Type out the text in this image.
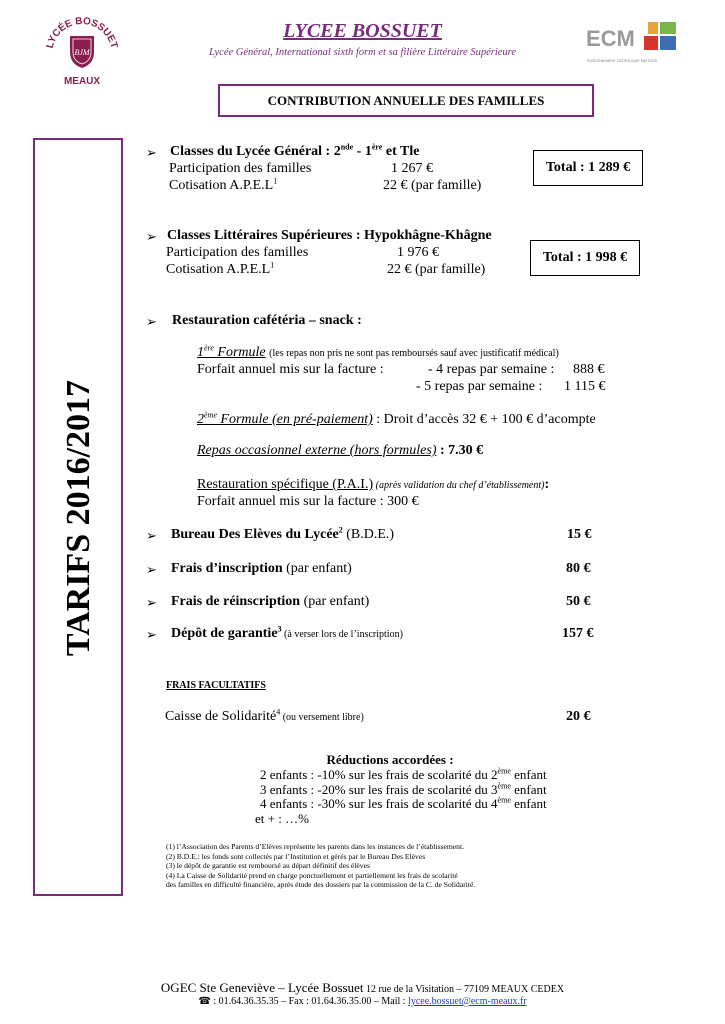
LYCÉE BOSSUET
BJM
MEAUX
ECM
ENSEIGNEMENT CATHOLIQUE MELDOIS
LYCEE BOSSUET
Lycée Général, International sixth form et sa filière Littéraire Supérieure
CONTRIBUTION ANNUELLE DES FAMILLES
TARIFS 2016/2017
➢ Classes du Lycée Général : 2nde - 1ère et Tle
Participation des familles	1 267 €
Cotisation $A.P.E.L^1$	22 € (par famille)
Total : 1 289 €
➢ Classes Littéraires Supérieures : Hypokhâgne-Khâgne
Participation des familles	1 976 €
Cotisation $A.P.E.L^1$	22 € (par famille)
Total : 1 998 €
➢ Restauration cafétéria – snack :
1ère Formule (les repas non pris ne sont pas remboursés sauf avec justificatif médical)
Forfait annuel mis sur la facture :	- 4 repas par semaine : 888 €
- 5 repas par semaine : 1 115 €
2ème Formule (en pré-paiement) : Droit d’accès 32 € + 100 € d’acompte
Repas occasionnel externe (hors formules) : 7.30 €
Restauration spécifique (P.A.I.) (après validation du chef d’établissement):
Forfait annuel mis sur la facture : 300 €
➢ Bureau Des Elèves du Lycée$^2$ (B.D.E.)	15 €
➢ Frais d’inscription (par enfant)	80 €
➢ Frais de réinscription (par enfant)	50 €
➢ Dépôt de garantie$^3$ (à verser lors de l’inscription)	157 €
FRAIS FACULTATIFS
Caisse de Solidarité$^4$ (ou versement libre)	20 €
Réductions accordées :
2 enfants : -10% sur les frais de scolarité du 2ème enfant
3 enfants : -20% sur les frais de scolarité du 3ème enfant
4 enfants : -30% sur les frais de scolarité du 4ème enfant
et + : …%
(1) l’Association des Parents d’Elèves représente les parents dans les instances de l’établissement.
(2) B.D.E.: les fonds sont collectés par l’Institution et gérés par le Bureau Des Elèves
(3) le dépôt de garantie est remboursé au départ définitif des élèves
(4) La Caisse de Solidarité prend en charge ponctuellement et partiellement les frais de scolarité
des familles en difficulté financière, après étude des dossiers par la commission de la C. de Solidarité.
OGEC Ste Geneviève – Lycée Bossuet 12 rue de la Visitation – 77109 MEAUX CEDEX
☎ : 01.64.36.35.35 – Fax : 01.64.36.35.00 – Mail : lycee.bossuet@ecm-meaux.fr
